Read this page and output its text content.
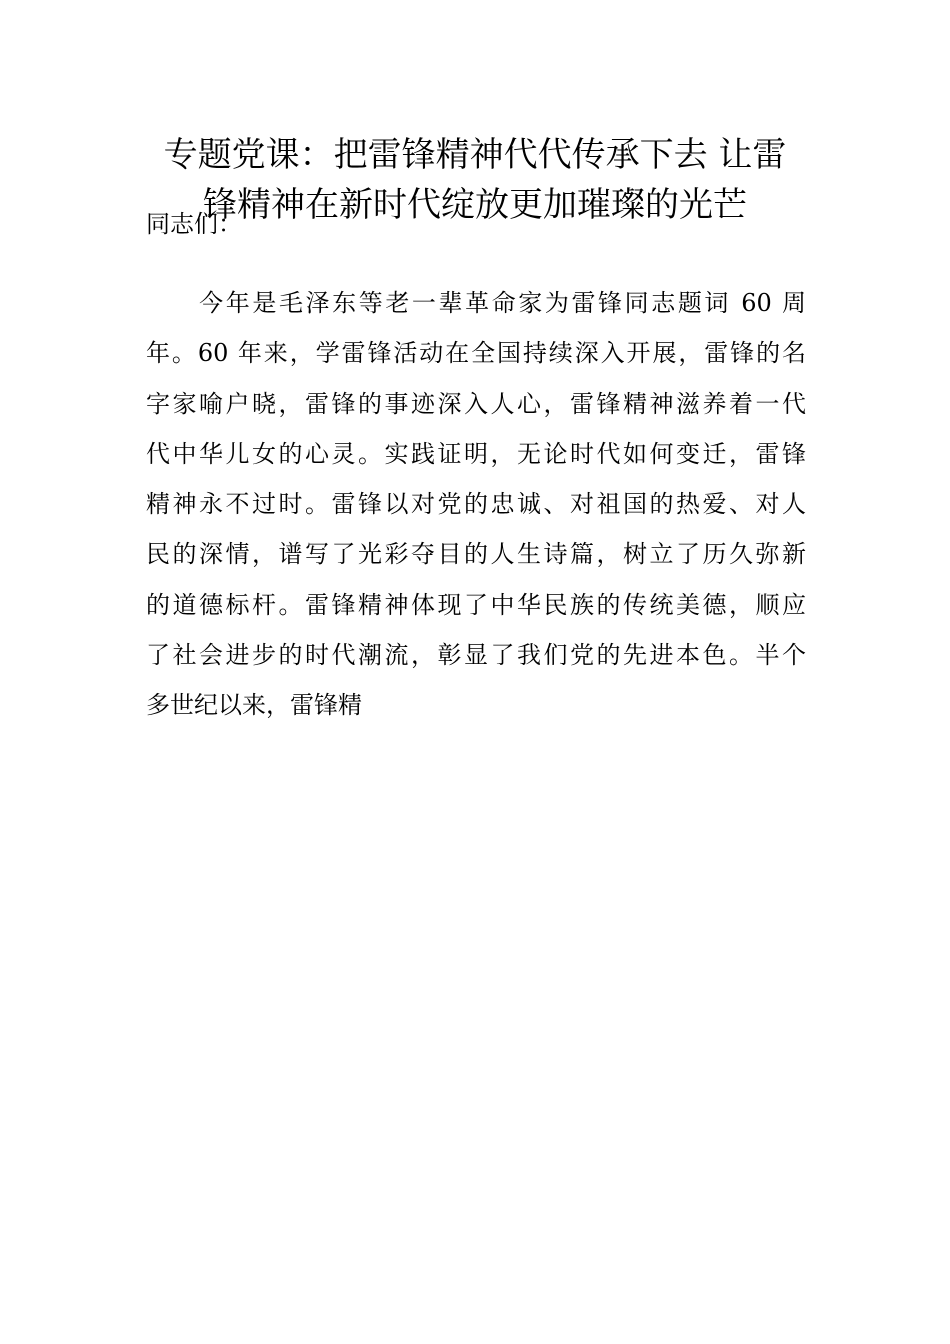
专题党课：把雷锋精神代代传承下去 让雷
锋精神在新时代绽放更加璀璨的光芒

同志们：

　　今年是毛泽东等老一辈革命家为雷锋同志题词 60 周
年。60 年来，学雷锋活动在全国持续深入开展，雷锋的名
字家喻户晓，雷锋的事迹深入人心，雷锋精神滋养着一代
代中华儿女的心灵。实践证明，无论时代如何变迁，雷锋
精神永不过时。雷锋以对党的忠诚、对祖国的热爱、对人
民的深情，谱写了光彩夺目的人生诗篇，树立了历久弥新
的道德标杆。雷锋精神体现了中华民族的传统美德，顺应
了社会进步的时代潮流，彰显了我们党的先进本色。半个
多世纪以来，雷锋精
